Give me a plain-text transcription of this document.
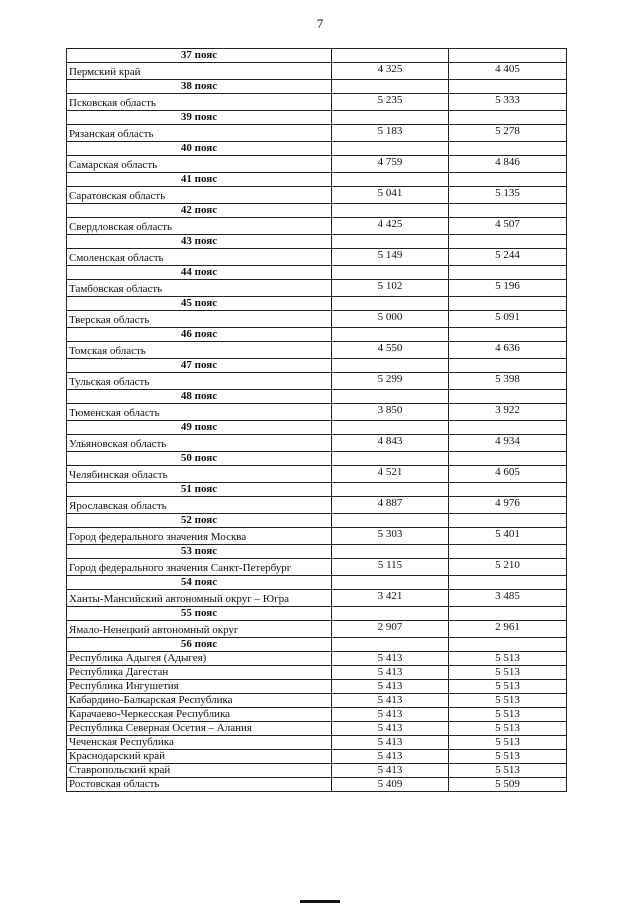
7
37 пояс		
Пермский край	4 325	4 405
38 пояс		
Псковская область	5 235	5 333
39 пояс		
Рязанская область	5 183	5 278
40 пояс		
Самарская область	4 759	4 846
41 пояс		
Саратовская область	5 041	5 135
42 пояс		
Свердловская область	4 425	4 507
43 пояс		
Смоленская область	5 149	5 244
44 пояс		
Тамбовская область	5 102	5 196
45 пояс		
Тверская область	5 000	5 091
46 пояс		
Томская область	4 550	4 636
47 пояс		
Тульская область	5 299	5 398
48 пояс		
Тюменская область	3 850	3 922
49 пояс		
Ульяновская область	4 843	4 934
50 пояс		
Челябинская область	4 521	4 605
51 пояс		
Ярославская область	4 887	4 976
52 пояс		
Город федерального значения Москва	5 303	5 401
53 пояс		
Город федерального значения Санкт-Петербург	5 115	5 210
54 пояс		
Ханты-Мансийский автономный округ – Югра	3 421	3 485
55 пояс		
Ямало-Ненецкий автономный округ	2 907	2 961
56 пояс		
Республика Адыгея (Адыгея)	5 413	5 513
Республика Дагестан	5 413	5 513
Республика Ингушетия	5 413	5 513
Кабардино-Балкарская Республика	5 413	5 513
Карачаево-Черкесская Республика	5 413	5 513
Республика Северная Осетия – Алания	5 413	5 513
Чеченская Республика	5 413	5 513
Краснодарский край	5 413	5 513
Ставропольский край	5 413	5 513
Ростовская область	5 409	5 509
